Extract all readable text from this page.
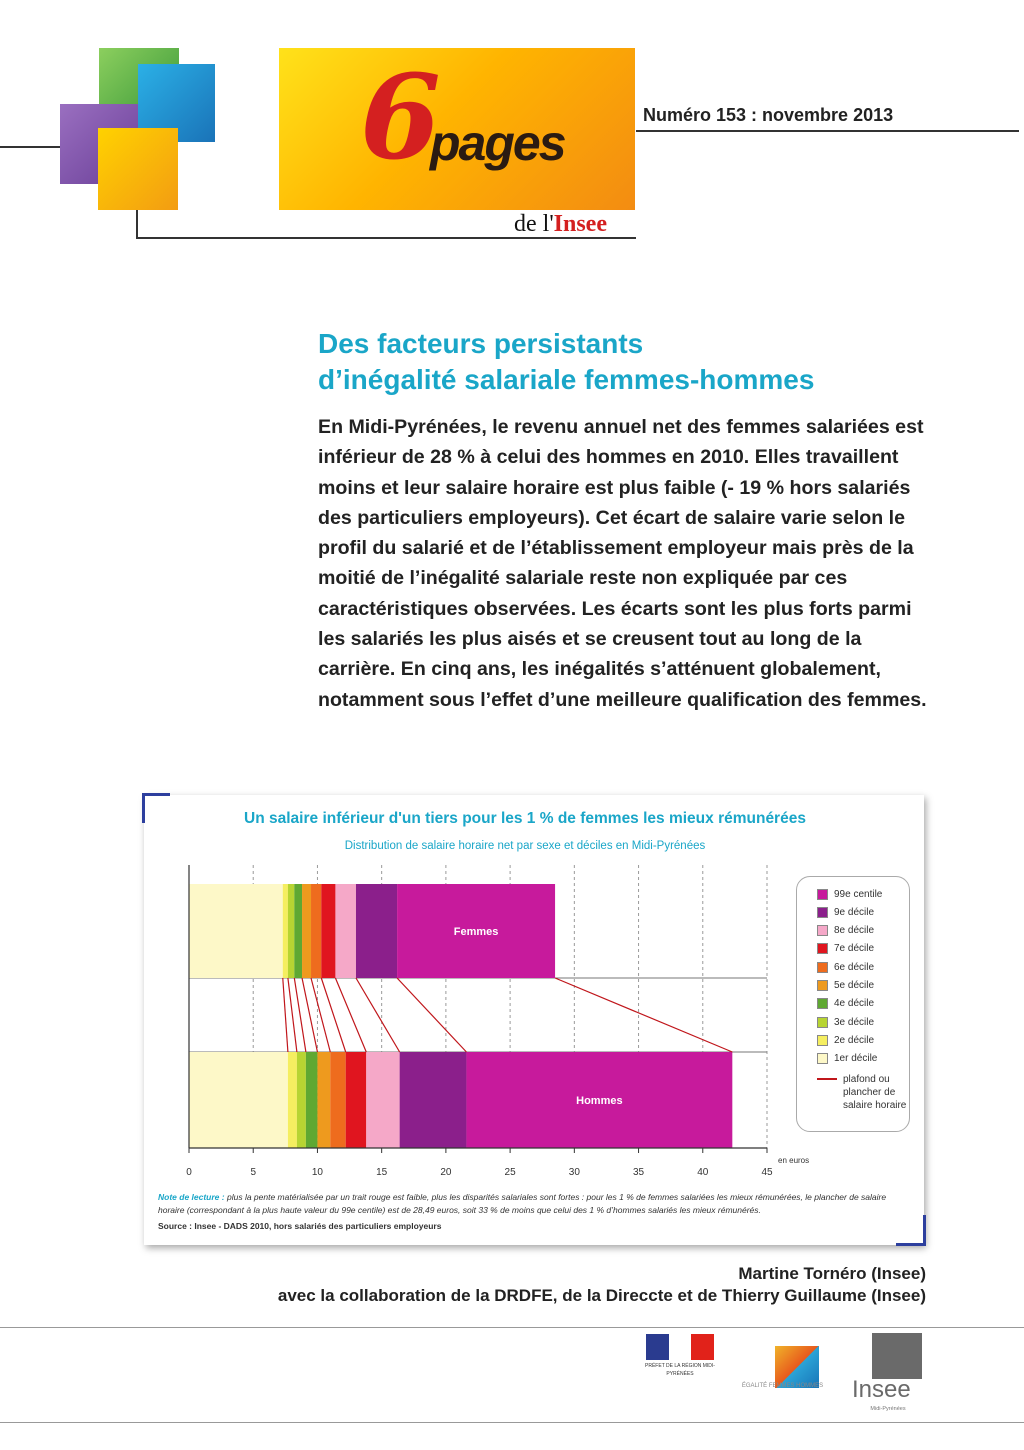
6
pages
de l'Insee
Numéro 153 : novembre 2013
Des facteurs persistants
d’inégalité salariale femmes-hommes
En Midi-Pyrénées, le revenu annuel net des femmes salariées est inférieur de 28 % à celui des hommes en 2010. Elles travaillent moins et leur salaire horaire est plus faible (- 19 % hors salariés des particuliers employeurs). Cet écart de salaire varie selon le profil du salarié et de l’établissement employeur mais près de la moitié de l’inégalité salariale reste non expliquée par ces caractéristiques observées. Les écarts sont les plus forts parmi les salariés les plus aisés et se creusent tout au long de la carrière. En cinq ans, les inégalités s’atténuent globalement, notamment sous l’effet d’une meilleure qualification des femmes.
Un salaire inférieur d'un tiers pour les 1 % de femmes les mieux rémunérées
Distribution de salaire horaire net par sexe et déciles en Midi-Pyrénées
Femmes
Hommes
0	5	10	15	20	25	30	35	40	45
en euros
99e centile
9e décile
8e décile
7e décile
6e décile
5e décile
4e décile
3e décile
2e décile
1er décile
plafond ou plancher de salaire horaire
Note de lecture : plus la pente matérialisée par un trait rouge est faible, plus les disparités salariales sont fortes : pour les 1 % de femmes salariées les mieux rémunérées, le plancher de salaire horaire (correspondant à la plus haute valeur du 99e centile) est de 28,49 euros, soit 33 % de moins que celui des 1 % d’hommes salariés les mieux rémunérés.
Source : Insee - DADS 2010, hors salariés des particuliers employeurs
Martine Tornéro (Insee)
avec la collaboration de la DRDFE, de la Direccte et de Thierry Guillaume (Insee)
PRÉFET DE LA RÉGION MIDI-PYRÉNÉES
ÉGALITÉ FEMMES HOMMES Insee
Midi-Pyrénées
